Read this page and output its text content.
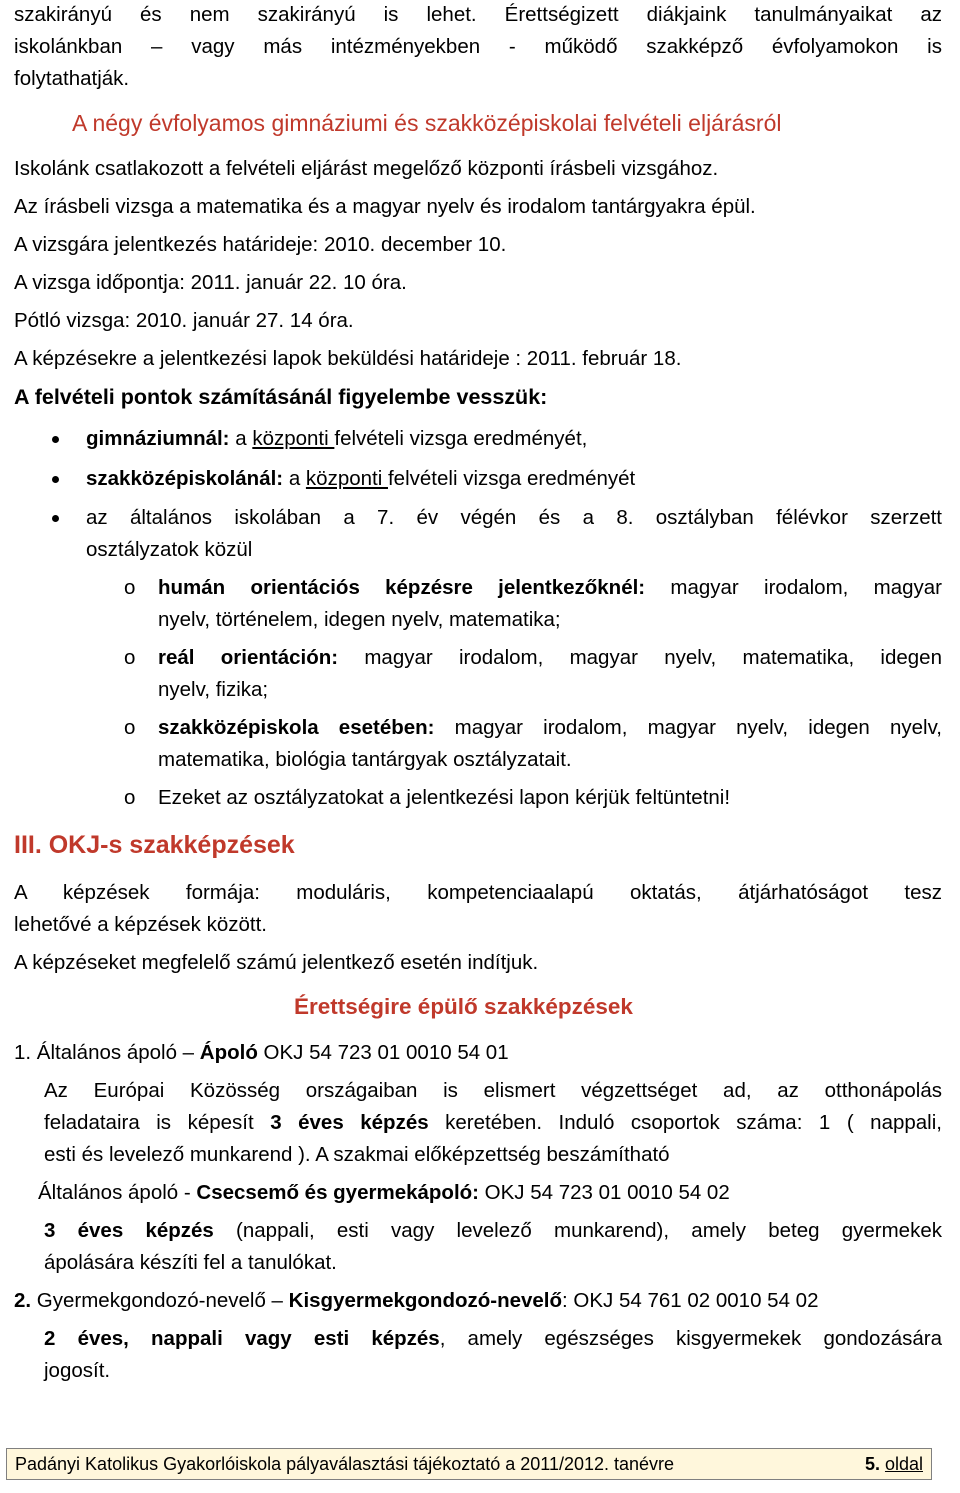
szakirányú és nem szakirányú is lehet. Érettségizett diákjaink tanulmányaikat az
iskolánkban – vagy más intézményekben - működő szakképző évfolyamokon is
folytathatják.
A négy évfolyamos gimnáziumi és szakközépiskolai felvételi eljárásról
Iskolánk csatlakozott a felvételi eljárást megelőző központi írásbeli vizsgához.
Az írásbeli vizsga a matematika és a magyar nyelv és irodalom tantárgyakra épül.
A vizsgára jelentkezés határideje: 2010. december 10.
A vizsga időpontja: 2011. január 22. 10 óra.
Pótló vizsga: 2010. január 27. 14 óra.
A képzésekre a jelentkezési lapok beküldési határideje : 2011. február 18.
A felvételi pontok számításánál figyelembe vesszük:
gimnáziumnál: a központi felvételi vizsga eredményét,
szakközépiskolánál: a központi felvételi vizsga eredményét
az általános iskolában a 7. év végén és a 8. osztályban félévkor szerzett
osztályzatok közül
o humán orientációs képzésre jelentkezőknél: magyar irodalom, magyar
nyelv, történelem, idegen nyelv, matematika;
o reál orientáción: magyar irodalom, magyar nyelv, matematika, idegen
nyelv, fizika;
o szakközépiskola esetében: magyar irodalom, magyar nyelv, idegen nyelv,
matematika, biológia tantárgyak osztályzatait.
o Ezeket az osztályzatokat a jelentkezési lapon kérjük feltüntetni!
III. OKJ-s szakképzések
A képzések formája: moduláris, kompetenciaalapú oktatás, átjárhatóságot tesz
lehetővé a képzések között.
A képzéseket megfelelő számú jelentkező esetén indítjuk.
Érettségire épülő szakképzések
1. Általános ápoló – Ápoló OKJ 54 723 01 0010 54 01
Az Európai Közösség országaiban is elismert végzettséget ad, az otthonápolás
feladataira is képesít 3 éves képzés keretében. Induló csoportok száma: 1 ( nappali,
esti és levelező munkarend ). A szakmai előképzettség beszámítható
Általános ápoló - Csecsemő és gyermekápoló: OKJ 54 723 01 0010 54 02
3 éves képzés (nappali, esti vagy levelező munkarend), amely beteg gyermekek
ápolására készíti fel a tanulókat.
2. Gyermekgondozó-nevelő – Kisgyermekgondozó-nevelő: OKJ 54 761 02 0010 54 02
2 éves, nappali vagy esti képzés, amely egészséges kisgyermekek gondozására
jogosít.
Padányi Katolikus Gyakorlóiskola pályaválasztási tájékoztató a 2011/2012. tanévre	5. oldal
